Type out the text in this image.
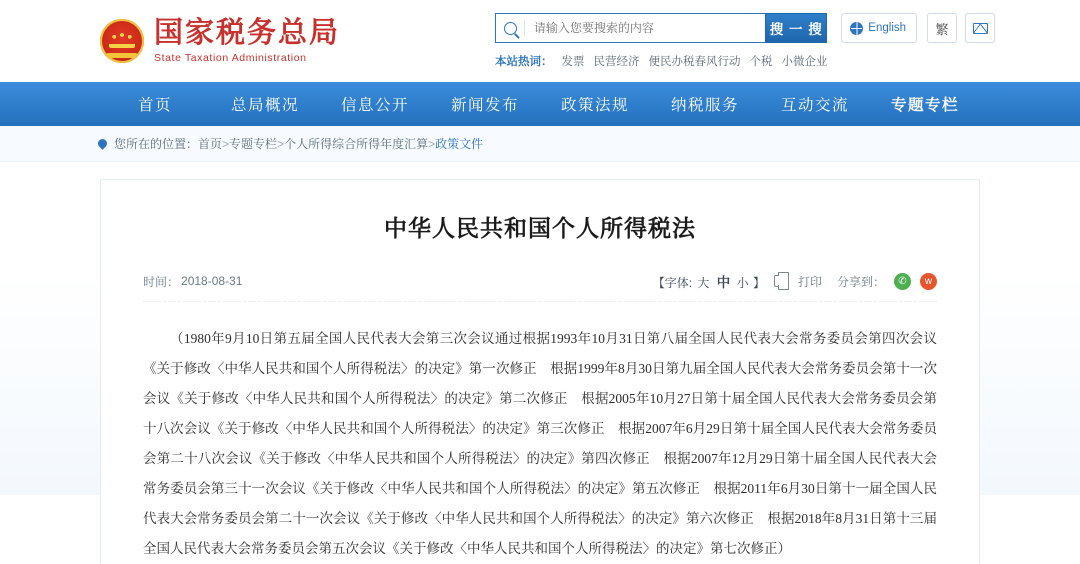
国家税务总局
State Taxation Administration
请输入您要搜索的内容
搜 一 搜	English	繁
本站热词： 发票 民营经济 便民办税春风行动 个税 小微企业
首页	总局概况	信息公开	新闻发布	政策法规	纳税服务	互动交流	专题专栏
您所在的位置： 首页 > 专题专栏 > 个人所得综合所得年度汇算 > 政策文件
中华人民共和国个人所得税法
时间： 2018-08-31	【字体: 大 中 小 】	打印 分享到：	✆	w
（1980年9月10日第五届全国人民代表大会第三次会议通过根据1993年10月31日第八届全国人民代表大会常务委员会第四次会议《关于修改〈中华人民共和国个人所得税法〉的决定》第一次修正　根据1999年8月30日第九届全国人民代表大会常务委员会第十一次会议《关于修改〈中华人民共和国个人所得税法〉的决定》第二次修正　根据2005年10月27日第十届全国人民代表大会常务委员会第十八次会议《关于修改〈中华人民共和国个人所得税法〉的决定》第三次修正　根据2007年6月29日第十届全国人民代表大会常务委员会第二十八次会议《关于修改〈中华人民共和国个人所得税法〉的决定》第四次修正　根据2007年12月29日第十届全国人民代表大会常务委员会第三十一次会议《关于修改〈中华人民共和国个人所得税法〉的决定》第五次修正　根据2011年6月30日第十一届全国人民代表大会常务委员会第二十一次会议《关于修改〈中华人民共和国个人所得税法〉的决定》第六次修正　根据2018年8月31日第十三届全国人民代表大会常务委员会第五次会议《关于修改〈中华人民共和国个人所得税法〉的决定》第七次修正）
